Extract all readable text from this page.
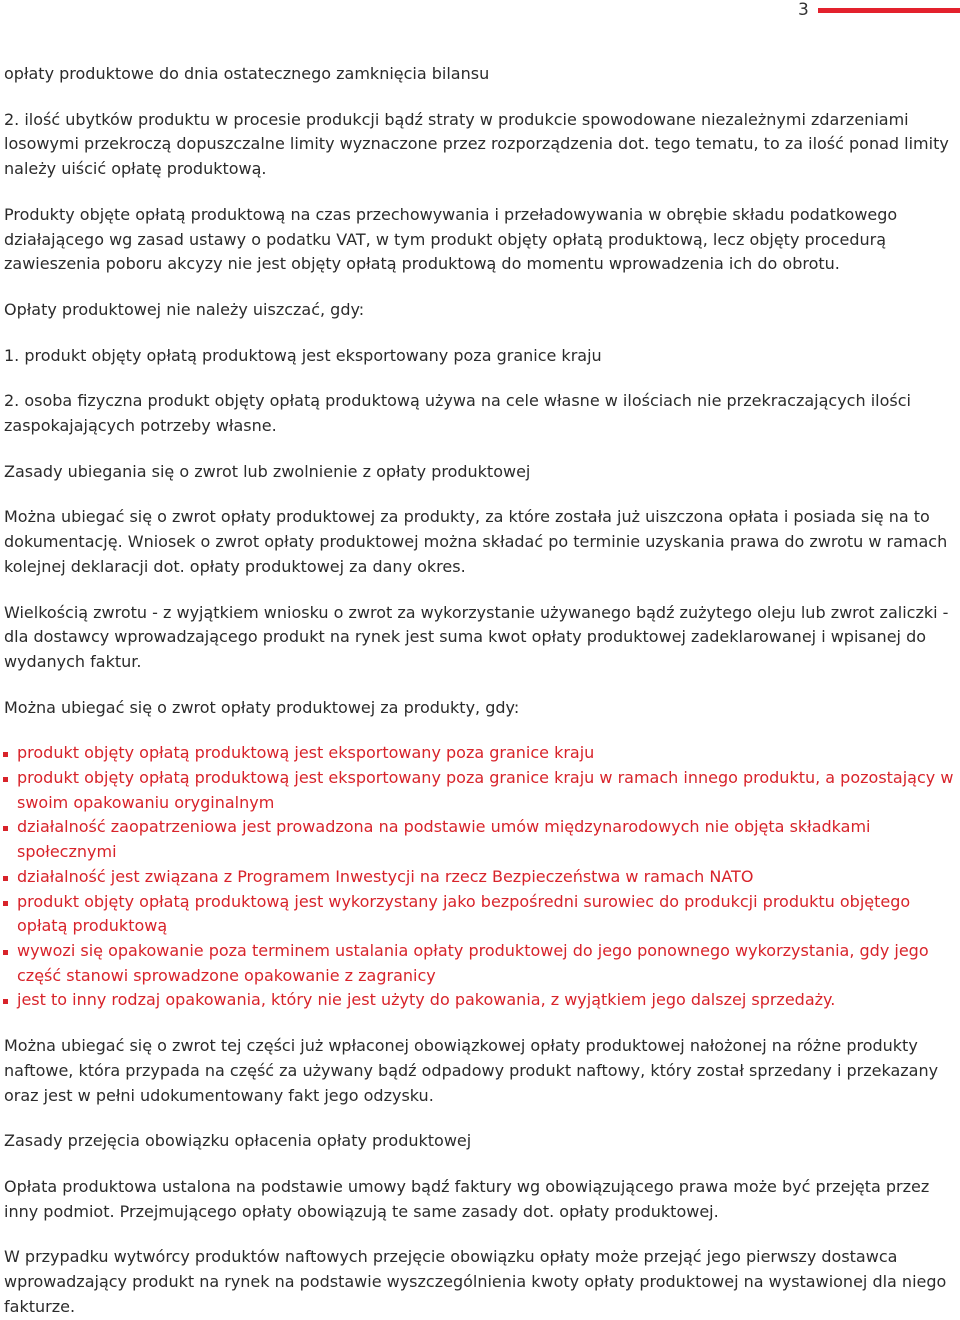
3

opłaty produktowe do dnia ostatecznego zamknięcia bilansu

2. ilość ubytków produktu w procesie produkcji bądź straty w produkcie spowodowane niezależnymi zdarzeniami losowymi przekroczą dopuszczalne limity wyznaczone przez rozporządzenia dot. tego tematu, to za ilość ponad limity należy uiścić opłatę produktową.

Produkty objęte opłatą produktową na czas przechowywania i przeładowywania w obrębie składu podatkowego działającego wg zasad ustawy o podatku VAT, w tym produkt objęty opłatą produktową, lecz objęty procedurą zawieszenia poboru akcyzy nie jest objęty opłatą produktową do momentu wprowadzenia ich do obrotu.

Opłaty produktowej nie należy uiszczać, gdy:

1. produkt objęty opłatą produktową jest eksportowany poza granice kraju

2. osoba fizyczna produkt objęty opłatą produktową używa na cele własne w ilościach nie przekraczających ilości zaspokajających potrzeby własne.

Zasady ubiegania się o zwrot lub zwolnienie z opłaty produktowej

Można ubiegać się o zwrot opłaty produktowej za produkty, za które została już uiszczona opłata i posiada się na to dokumentację. Wniosek o zwrot opłaty produktowej można składać po terminie uzyskania prawa do zwrotu w ramach kolejnej deklaracji dot. opłaty produktowej za dany okres.

Wielkością zwrotu - z wyjątkiem wniosku o zwrot za wykorzystanie używanego bądź zużytego oleju lub zwrot zaliczki - dla dostawcy wprowadzającego produkt na rynek jest suma kwot opłaty produktowej zadeklarowanej i wpisanej do wydanych faktur.

Można ubiegać się o zwrot opłaty produktowej za produkty, gdy:

produkt objęty opłatą produktową jest eksportowany poza granice kraju
produkt objęty opłatą produktową jest eksportowany poza granice kraju w ramach innego produktu, a pozostający w swoim opakowaniu oryginalnym
działalność zaopatrzeniowa jest prowadzona na podstawie umów międzynarodowych nie objęta składkami społecznymi
działalność jest związana z Programem Inwestycji na rzecz Bezpieczeństwa w ramach NATO
produkt objęty opłatą produktową jest wykorzystany jako bezpośredni surowiec do produkcji produktu objętego opłatą produktową
wywozi się opakowanie poza terminem ustalania opłaty produktowej do jego ponownego wykorzystania, gdy jego część stanowi sprowadzone opakowanie z zagranicy
jest to inny rodzaj opakowania, który nie jest użyty do pakowania, z wyjątkiem jego dalszej sprzedaży.

Można ubiegać się o zwrot tej części już wpłaconej obowiązkowej opłaty produktowej nałożonej na różne produkty naftowe, która przypada na część za używany bądź odpadowy produkt naftowy, który został sprzedany i przekazany oraz jest w pełni udokumentowany fakt jego odzysku.

Zasady przejęcia obowiązku opłacenia opłaty produktowej

Opłata produktowa ustalona na podstawie umowy bądź faktury wg obowiązującego prawa może być przejęta przez inny podmiot. Przejmującego opłaty obowiązują te same zasady dot. opłaty produktowej.

W przypadku wytwórcy produktów naftowych przejęcie obowiązku opłaty może przejąć jego pierwszy dostawca wprowadzający produkt na rynek na podstawie wyszczególnienia kwoty opłaty produktowej na wystawionej dla niego fakturze.
